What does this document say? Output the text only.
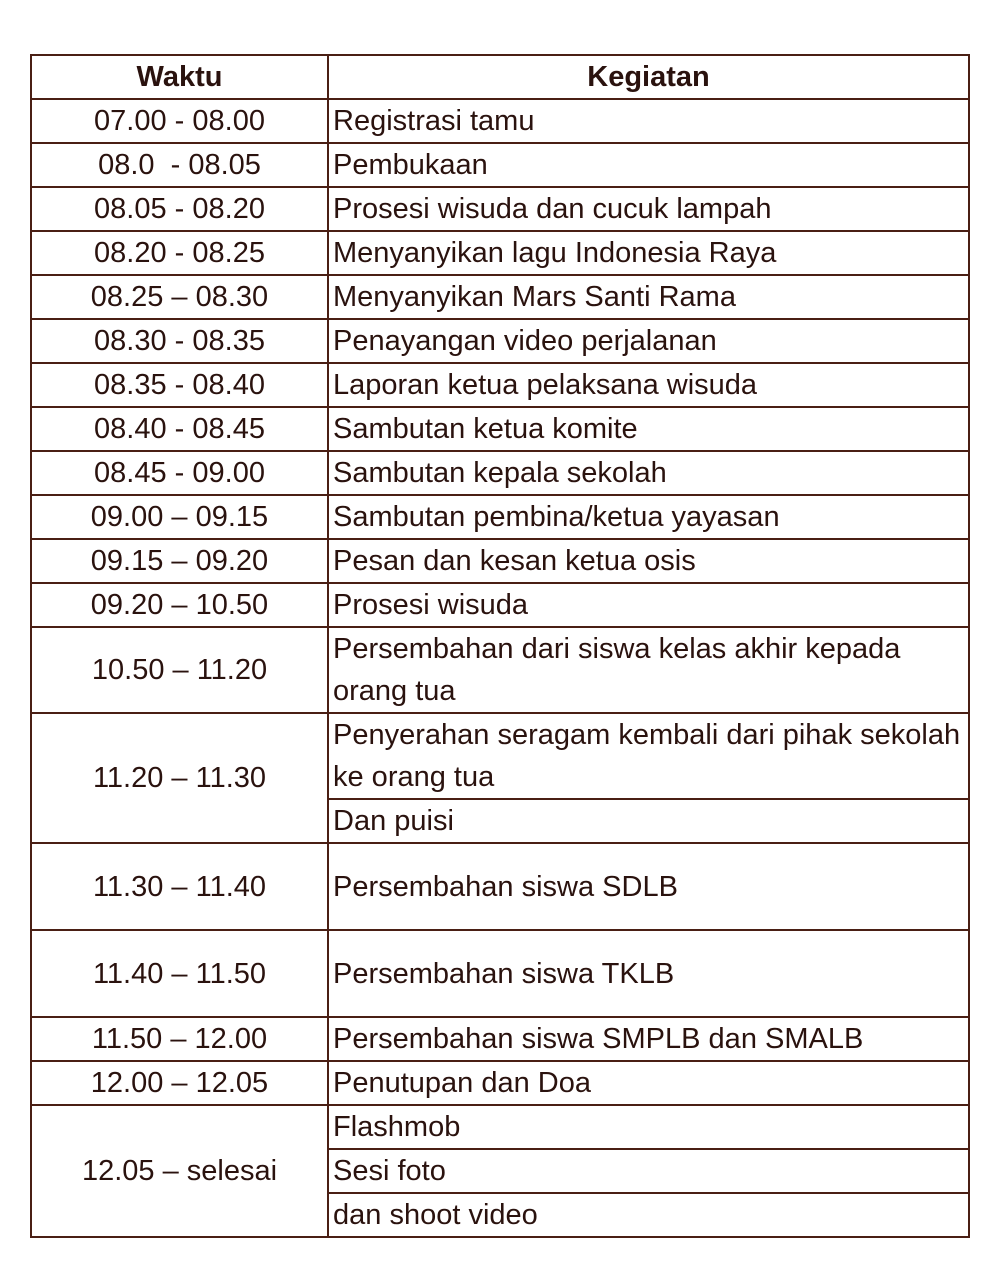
Waktu	Kegiatan
07.00 - 08.00	Registrasi tamu
08.0  - 08.05	Pembukaan
08.05 - 08.20	Prosesi wisuda dan cucuk lampah
08.20 - 08.25	Menyanyikan lagu Indonesia Raya
08.25 – 08.30	Menyanyikan Mars Santi Rama
08.30 - 08.35	Penayangan video perjalanan
08.35 - 08.40	Laporan ketua pelaksana wisuda
08.40 - 08.45	Sambutan ketua komite
08.45 - 09.00	Sambutan kepala sekolah
09.00 – 09.15	Sambutan pembina/ketua yayasan
09.15 – 09.20	Pesan dan kesan ketua osis
09.20 – 10.50	Prosesi wisuda
10.50 – 11.20	Persembahan dari siswa kelas akhir kepada orang tua
11.20 – 11.30	Penyerahan seragam kembali dari pihak sekolah ke orang tua
	Dan puisi
11.30 – 11.40	Persembahan siswa SDLB
11.40 – 11.50	Persembahan siswa TKLB
11.50 – 12.00	Persembahan siswa SMPLB dan SMALB
12.00 – 12.05	Penutupan dan Doa
12.05 – selesai	Flashmob
	Sesi foto
	dan shoot video
